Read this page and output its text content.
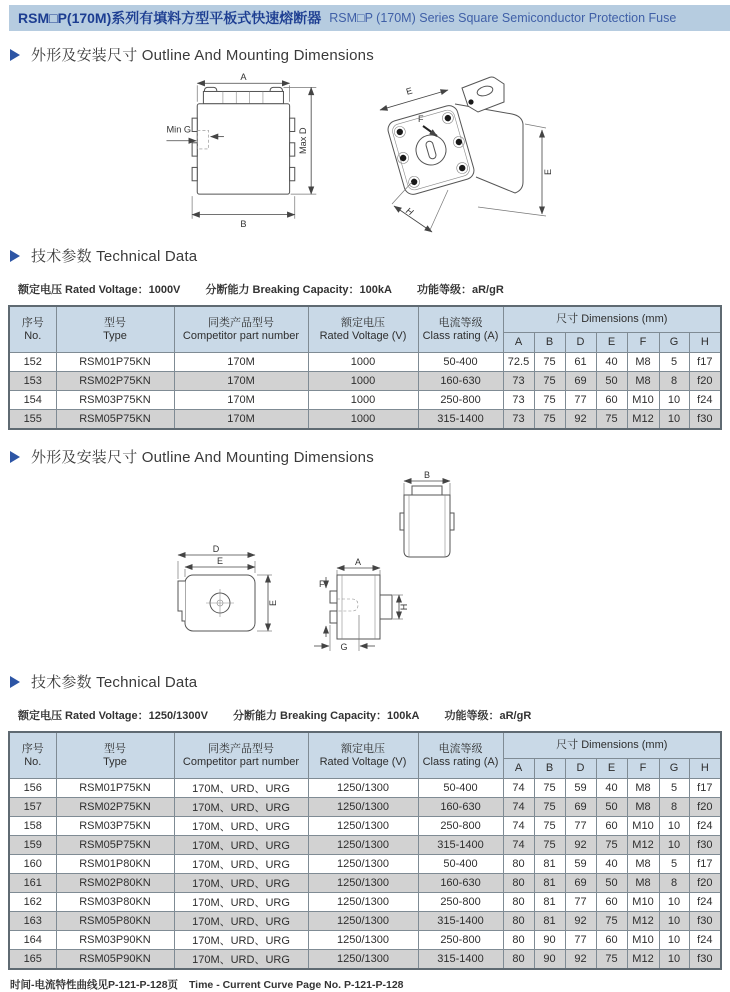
RSM□P(170M)系列有填料方型平板式快速熔断器 RSM□P (170M) Series Square Semiconductor Protection Fuse
外形及安装尺寸 Outline And Mounting Dimensions
A
B
Max D
Min G
E
F
H
E
技术参数 Technical Data
额定电压 Rated Voltage：1000V 分断能力 Breaking Capacity：100kA 功能等级：aR/gR
序号
No.

型号
Type

同类产品型号
Competitor part number

额定电压
Rated Voltage (V)

电流等级
Class rating (A)
	尺寸 Dimensions (mm)
					A	B	D	E	F	G	H
152	RSM01P75KN	170M	1000	50-400	72.5	75	61	40	M8	5	f17
153	RSM02P75KN	170M	1000	160-630	73	75	69	50	M8	8	f20
154	RSM03P75KN	170M	1000	250-800	73	75	77	60	M10	10	f24
155	RSM05P75KN	170M	1000	315-1400	73	75	92	75	M12	10	f30
外形及安装尺寸 Outline And Mounting Dimensions
B
D
E
E
A
H
F
G
技术参数 Technical Data
额定电压 Rated Voltage：1250/1300V 分断能力 Breaking Capacity：100kA 功能等级：aR/gR
序号
No.

型号
Type

同类产品型号
Competitor part number

额定电压
Rated Voltage (V)

电流等级
Class rating (A)
	尺寸 Dimensions (mm)
					A	B	D	E	F	G	H
156	RSM01P75KN	170M、URD、URG	1250/1300	50-400	74	75	59	40	M8	5	f17
157	RSM02P75KN	170M、URD、URG	1250/1300	160-630	74	75	69	50	M8	8	f20
158	RSM03P75KN	170M、URD、URG	1250/1300	250-800	74	75	77	60	M10	10	f24
159	RSM05P75KN	170M、URD、URG	1250/1300	315-1400	74	75	92	75	M12	10	f30
160	RSM01P80KN	170M、URD、URG	1250/1300	50-400	80	81	59	40	M8	5	f17
161	RSM02P80KN	170M、URD、URG	1250/1300	160-630	80	81	69	50	M8	8	f20
162	RSM03P80KN	170M、URD、URG	1250/1300	250-800	80	81	77	60	M10	10	f24
163	RSM05P80KN	170M、URD、URG	1250/1300	315-1400	80	81	92	75	M12	10	f30
164	RSM03P90KN	170M、URD、URG	1250/1300	250-800	80	90	77	60	M10	10	f24
165	RSM05P90KN	170M、URD、URG	1250/1300	315-1400	80	90	92	75	M12	10	f30
时间-电流特性曲线见P-121-P-128页 Time - Current Curve Page No. P-121-P-128
